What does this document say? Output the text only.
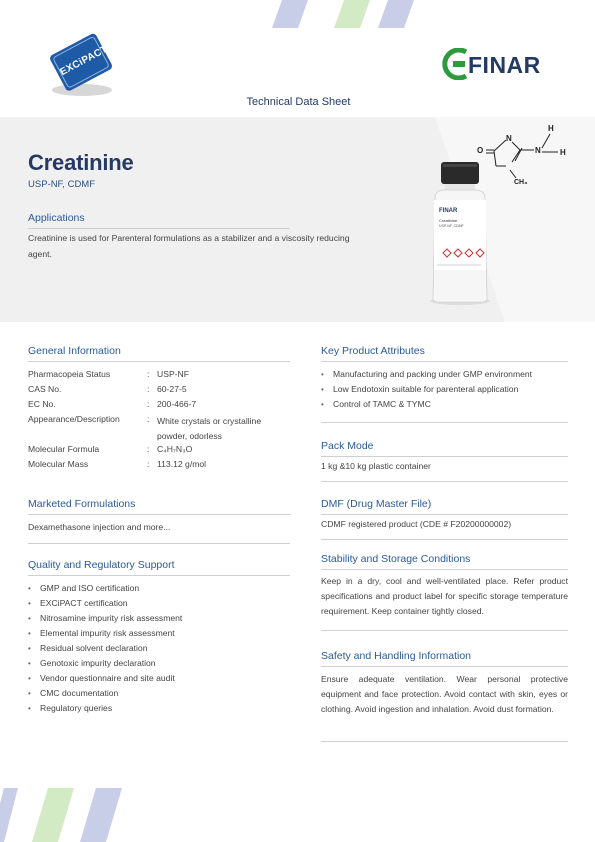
EXCiPACT	FINAR
Technical Data Sheet
Creatinine
USP-NF, CDMF
Applications
Creatinine is used for Parenteral formulations as a stabilizer and a viscosity reducing agent.
FINAR
Creatinine
USP-NF, CDMF
O
N
N
H
H
CH₃
General Information
Pharmacopeia Status	: USP-NF
CAS No.	: 60-27-5
EC No.	: 200-466-7
Appearance/Description	: White crystals or crystalline powder, odorless
Molecular Formula	: C₄H₇N₃O
Molecular Mass	: 113.12 g/mol
Marketed Formulations
Dexamethasone injection and more...
Quality and Regulatory Support
• GMP and ISO certification
• EXCiPACT certification
• Nitrosamine impurity risk assessment
• Elemental impurity risk assessment
• Residual solvent declaration
• Genotoxic impurity declaration
• Vendor questionnaire and site audit
• CMC documentation
• Regulatory queries
Key Product Attributes
• Manufacturing and packing under GMP environment
• Low Endotoxin suitable for parenteral application
• Control of TAMC & TYMC
Pack Mode
1 kg &10 kg plastic container
DMF (Drug Master File)
CDMF registered product (CDE # F20200000002)
Stability and Storage Conditions
Keep in a dry, cool and well-ventilated place. Refer product specifications and product label for specific storage temperature requirement. Keep container tightly closed.
Safety and Handling Information
Ensure adequate ventilation. Wear personal protective equipment and face protection. Avoid contact with skin, eyes or clothing. Avoid ingestion and inhalation. Avoid dust formation.
